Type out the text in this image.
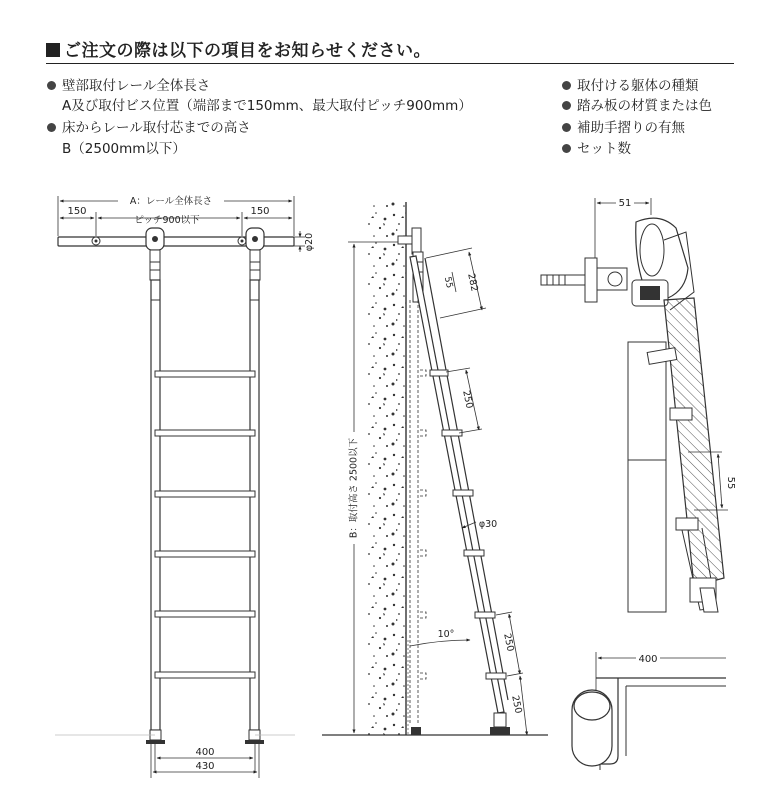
ご注文の際は以下の項目をお知らせください。
壁部取付レール全体長さ
A及び取付ビス位置（端部まで150mm、最大取付ピッチ900mm）
床からレール取付芯までの高さ
B（2500mm以下）
取付ける躯体の種類
踏み板の材質または色
補助手摺りの有無
セット数
A：レール全体長さ
150	150
ピッチ900以下
φ20
400
430
B：取付高さ 2500以下
282
55
250
φ30
10°	250
250
51
55
400
